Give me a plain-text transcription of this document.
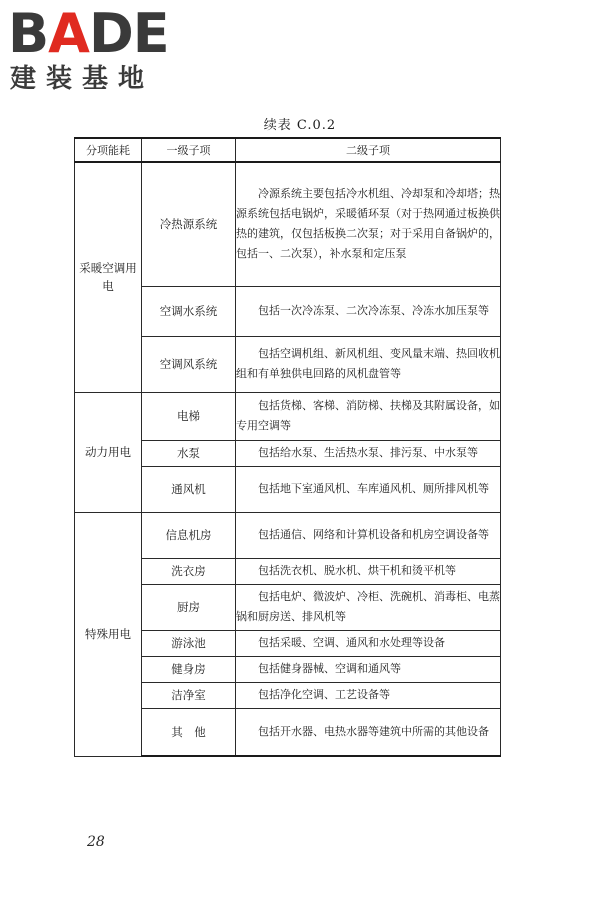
BADE
建装基地
续表 C.0.2
分项能耗	一级子项	二级子项
采暖空调用电	冷热源系统	冷源系统主要包括冷水机组、冷却泵和冷却塔；热源系统包括电锅炉，采暖循环泵（对于热网通过板换供热的建筑，仅包括板换二次泵；对于采用自备锅炉的，包括一、二次泵），补水泵和定压泵
	空调水系统	包括一次冷冻泵、二次冷冻泵、冷冻水加压泵等
	空调风系统	包括空调机组、新风机组、变风量末端、热回收机组和有单独供电回路的风机盘管等
动力用电	电梯	包括货梯、客梯、消防梯、扶梯及其附属设备，如专用空调等
	水泵	包括给水泵、生活热水泵、排污泵、中水泵等
	通风机	包括地下室通风机、车库通风机、厕所排风机等
特殊用电	信息机房	包括通信、网络和计算机设备和机房空调设备等
	洗衣房	包括洗衣机、脱水机、烘干机和烫平机等
	厨房	包括电炉、微波炉、冷柜、洗碗机、消毒柜、电蒸锅和厨房送、排风机等
	游泳池	包括采暖、空调、通风和水处理等设备
	健身房	包括健身器械、空调和通风等
	洁净室	包括净化空调、工艺设备等
	其　他	包括开水器、电热水器等建筑中所需的其他设备
28
